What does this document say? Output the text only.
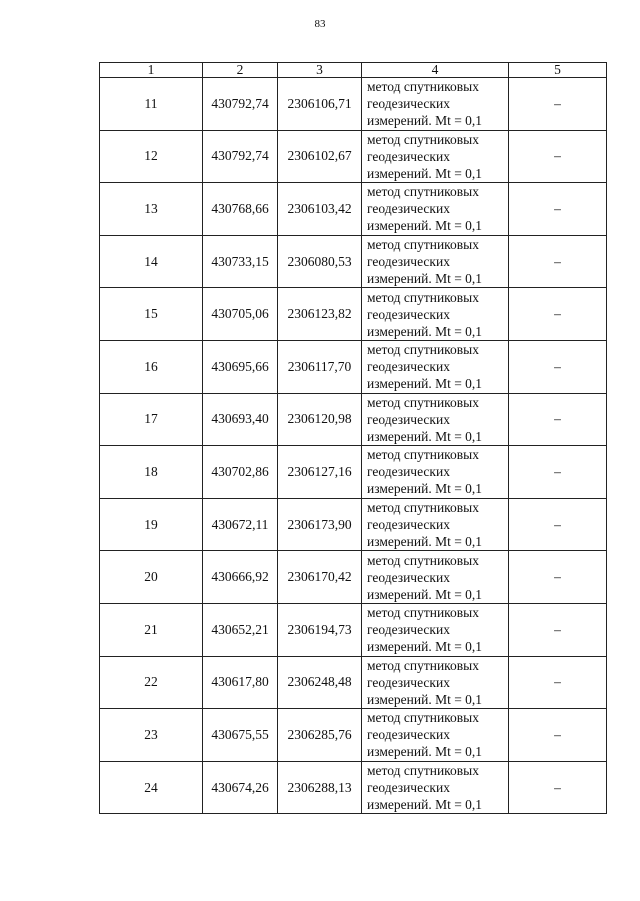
83
1	2	3	4	5
11	430792,74	2306106,71	метод спутниковых
геодезических
измерений. Mt = 0,1	–
12	430792,74	2306102,67	метод спутниковых
геодезических
измерений. Mt = 0,1	–
13	430768,66	2306103,42	метод спутниковых
геодезических
измерений. Mt = 0,1	–
14	430733,15	2306080,53	метод спутниковых
геодезических
измерений. Mt = 0,1	–
15	430705,06	2306123,82	метод спутниковых
геодезических
измерений. Mt = 0,1	–
16	430695,66	2306117,70	метод спутниковых
геодезических
измерений. Mt = 0,1	–
17	430693,40	2306120,98	метод спутниковых
геодезических
измерений. Mt = 0,1	–
18	430702,86	2306127,16	метод спутниковых
геодезических
измерений. Mt = 0,1	–
19	430672,11	2306173,90	метод спутниковых
геодезических
измерений. Mt = 0,1	–
20	430666,92	2306170,42	метод спутниковых
геодезических
измерений. Mt = 0,1	–
21	430652,21	2306194,73	метод спутниковых
геодезических
измерений. Mt = 0,1	–
22	430617,80	2306248,48	метод спутниковых
геодезических
измерений. Mt = 0,1	–
23	430675,55	2306285,76	метод спутниковых
геодезических
измерений. Mt = 0,1	–
24	430674,26	2306288,13	метод спутниковых
геодезических
измерений. Mt = 0,1	–
